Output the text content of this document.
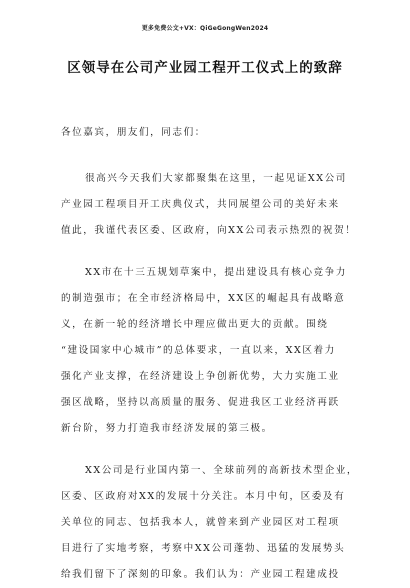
更多免费公文+VX：QiGeGongWen2024
区领导在公司产业园工程开工仪式上的致辞
各位嘉宾，朋友们，同志们：
很高兴今天我们大家都聚集在这里，一起见证XX公司
产业园工程项目开工庆典仪式，共同展望公司的美好未来
值此，我谨代表区委、区政府，向XX公司表示热烈的祝贺！
XX市在十三五规划草案中，提出建设具有核心竞争力
的制造强市；在全市经济格局中，XX区的崛起具有战略意
义，在新一轮的经济增长中理应做出更大的贡献。围绕
“建设国家中心城市”的总体要求，一直以来，XX区着力
强化产业支撑，在经济建设上争创新优势，大力实施工业
强区战略，坚持以高质量的服务、促进我区工业经济再跃
新台阶，努力打造我市经济发展的第三极。
XX公司是行业国内第一、全球前列的高新技术型企业，
区委、区政府对XX的发展十分关注。本月中旬，区委及有
关单位的同志、包括我本人，就曾来到产业园区对工程项
目进行了实地考察，考察中XX公司蓬勃、迅猛的发展势头
给我们留下了深刻的印象。我们认为：产业园工程建成投
